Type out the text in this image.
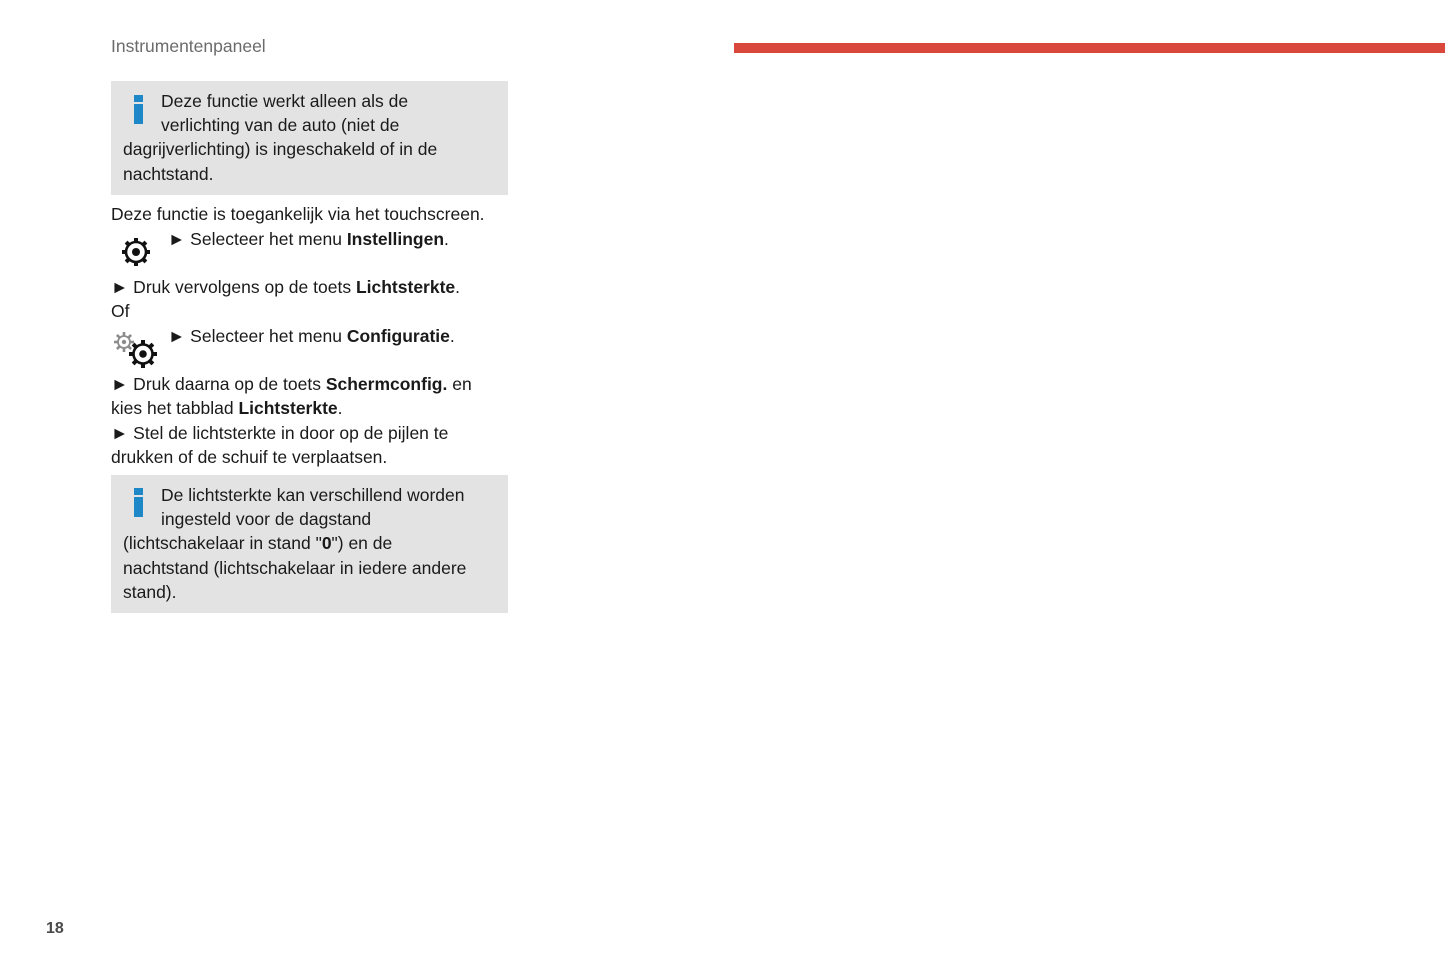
Instrumentenpaneel
Deze functie werkt alleen als de
verlichting van de auto (niet de
dagrijverlichting) is ingeschakeld of in de
nachtstand.
Deze functie is toegankelijk via het touchscreen.
► Selecteer het menu Instellingen.
► Druk vervolgens op de toets Lichtsterkte.
Of
► Selecteer het menu Configuratie.
► Druk daarna op de toets Schermconfig. en
kies het tabblad Lichtsterkte.
► Stel de lichtsterkte in door op de pijlen te
drukken of de schuif te verplaatsen.
De lichtsterkte kan verschillend worden
ingesteld voor de dagstand
(lichtschakelaar in stand "0") en de
nachtstand (lichtschakelaar in iedere andere
stand).
18
